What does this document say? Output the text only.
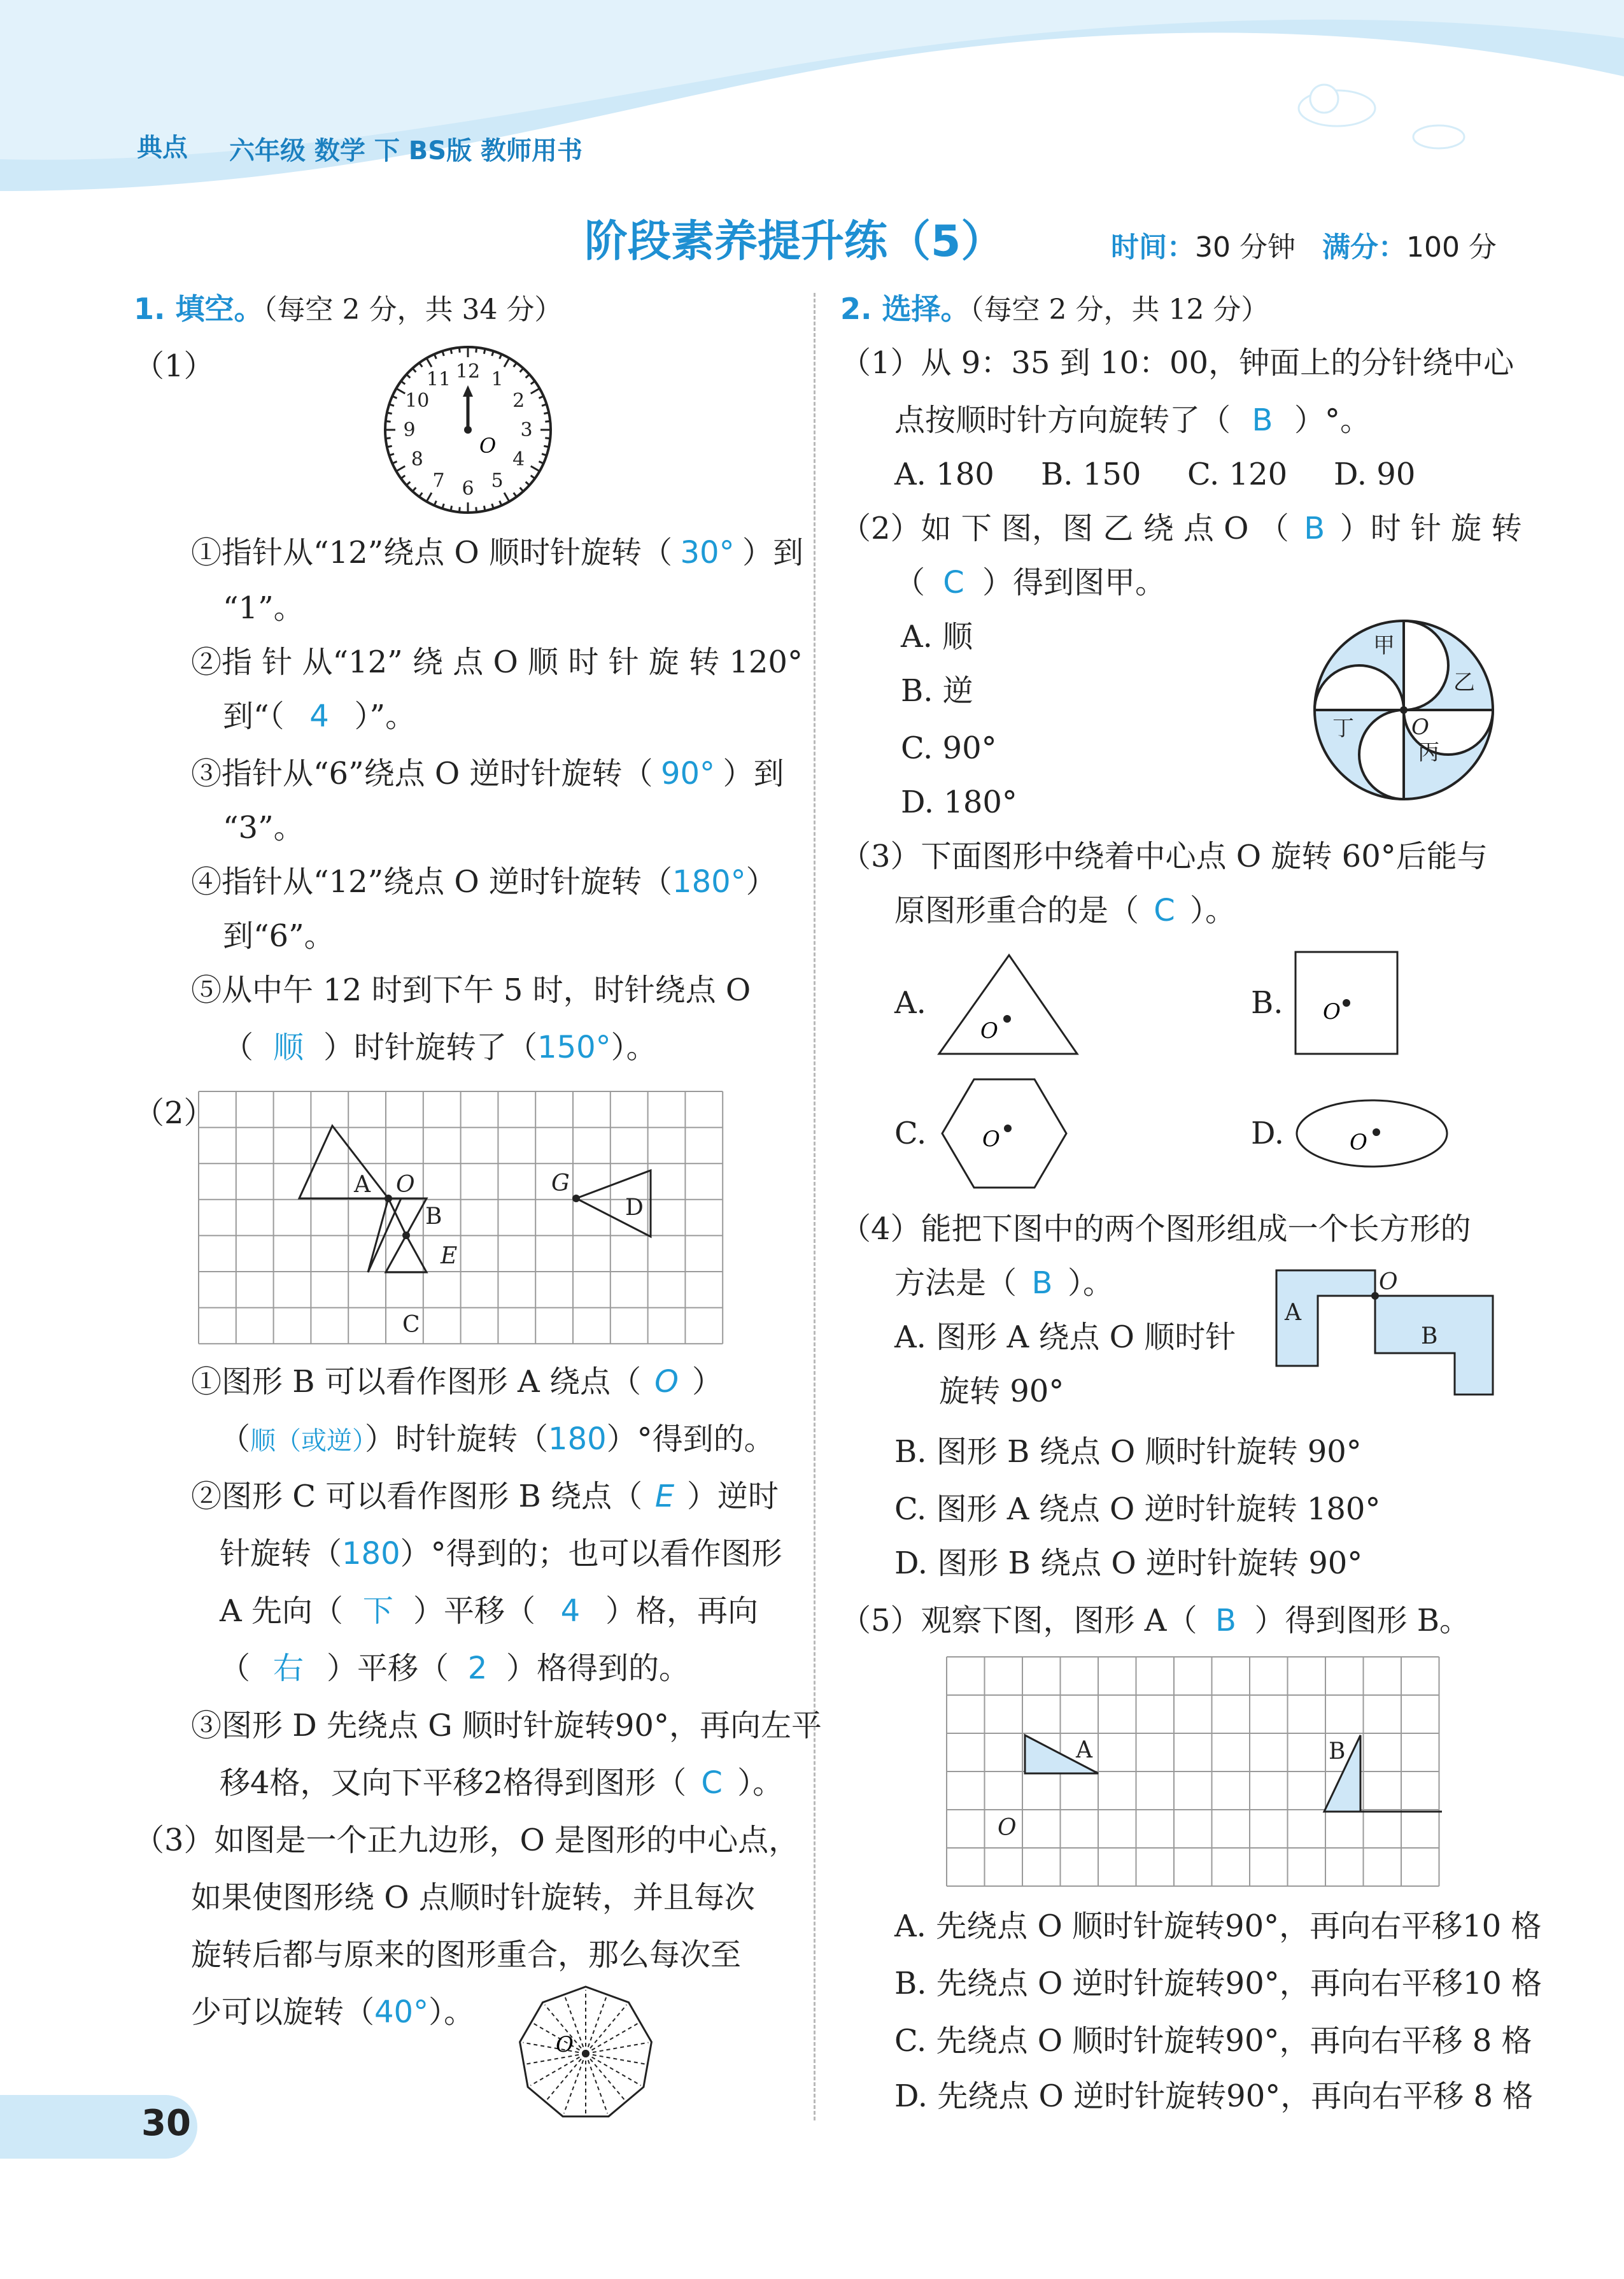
典点 六年级 数学 下 BS版 教师用书
阶段素养提升练（5）	时间：30 分钟 满分：100 分
1. 填空。（每空 2 分，共 34 分）
（1）	12 1
2
3
4
5
6
7
8
9
10
11
O
①指针从“12”绕点 O 顺时针旋转（ 30° ）到
“1”。
②指 针 从“12” 绕 点 O 顺 时 针 旋 转 120°
到“（ 4 ）”。
③指针从“6”绕点 O 逆时针旋转（ 90° ）到
“3”。
④指针从“12”绕点 O 逆时针旋转（180°）
到“6”。
⑤从中午 12 时到下午 5 时，时针绕点 O
（ 顺 ）时针旋转了（150°）。
（2）
A O
B
E
C
G
D
①图形 B 可以看作图形 A 绕点（ O ）
（顺（或逆））时针旋转（180）°得到的。
②图形 C 可以看作图形 B 绕点（ E ）逆时
针旋转（180）°得到的；也可以看作图形
A 先向（ 下 ）平移（ 4 ）格，再向
（ 右 ）平移（ 2 ）格得到的。
③图形 D 先绕点 G 顺时针旋转90°，再向左平
移4格，又向下平移2格得到图形（ C ）。
（3）如图是一个正九边形，O 是图形的中心点，
如果使图形绕 O 点顺时针旋转，并且每次
旋转后都与原来的图形重合，那么每次至
少可以旋转（40°）。
O
2. 选择。（每空 2 分，共 12 分）
（1）从 9：35 到 10：00，钟面上的分针绕中心
点按顺时针方向旋转了（ B ）°。
A. 180 B. 150 C. 120 D. 90
（2）如 下 图，图 乙 绕 点 O （ B ）时 针 旋 转
（ C ）得到图甲。
A. 顺
B. 逆
C. 90°
D. 180°
甲
乙
丙
丁	O
（3）下面图形中绕着中心点 O 旋转 60°后能与
原图形重合的是（ C ）。
A.
O
B. O
C.	O	D.	O
（4）能把下图中的两个图形组成一个长方形的
方法是（ B ）。
A. 图形 A 绕点 O 顺时针
旋转 90°
B. 图形 B 绕点 O 顺时针旋转 90°
C. 图形 A 绕点 O 逆时针旋转 180°
D. 图形 B 绕点 O 逆时针旋转 90°
A
B
O
（5）观察下图，图形 A（ B ）得到图形 B。
A	B
O
A. 先绕点 O 顺时针旋转90°，再向右平移10 格
B. 先绕点 O 逆时针旋转90°，再向右平移10 格
C. 先绕点 O 顺时针旋转90°，再向右平移 8 格
D. 先绕点 O 逆时针旋转90°，再向右平移 8 格
30
